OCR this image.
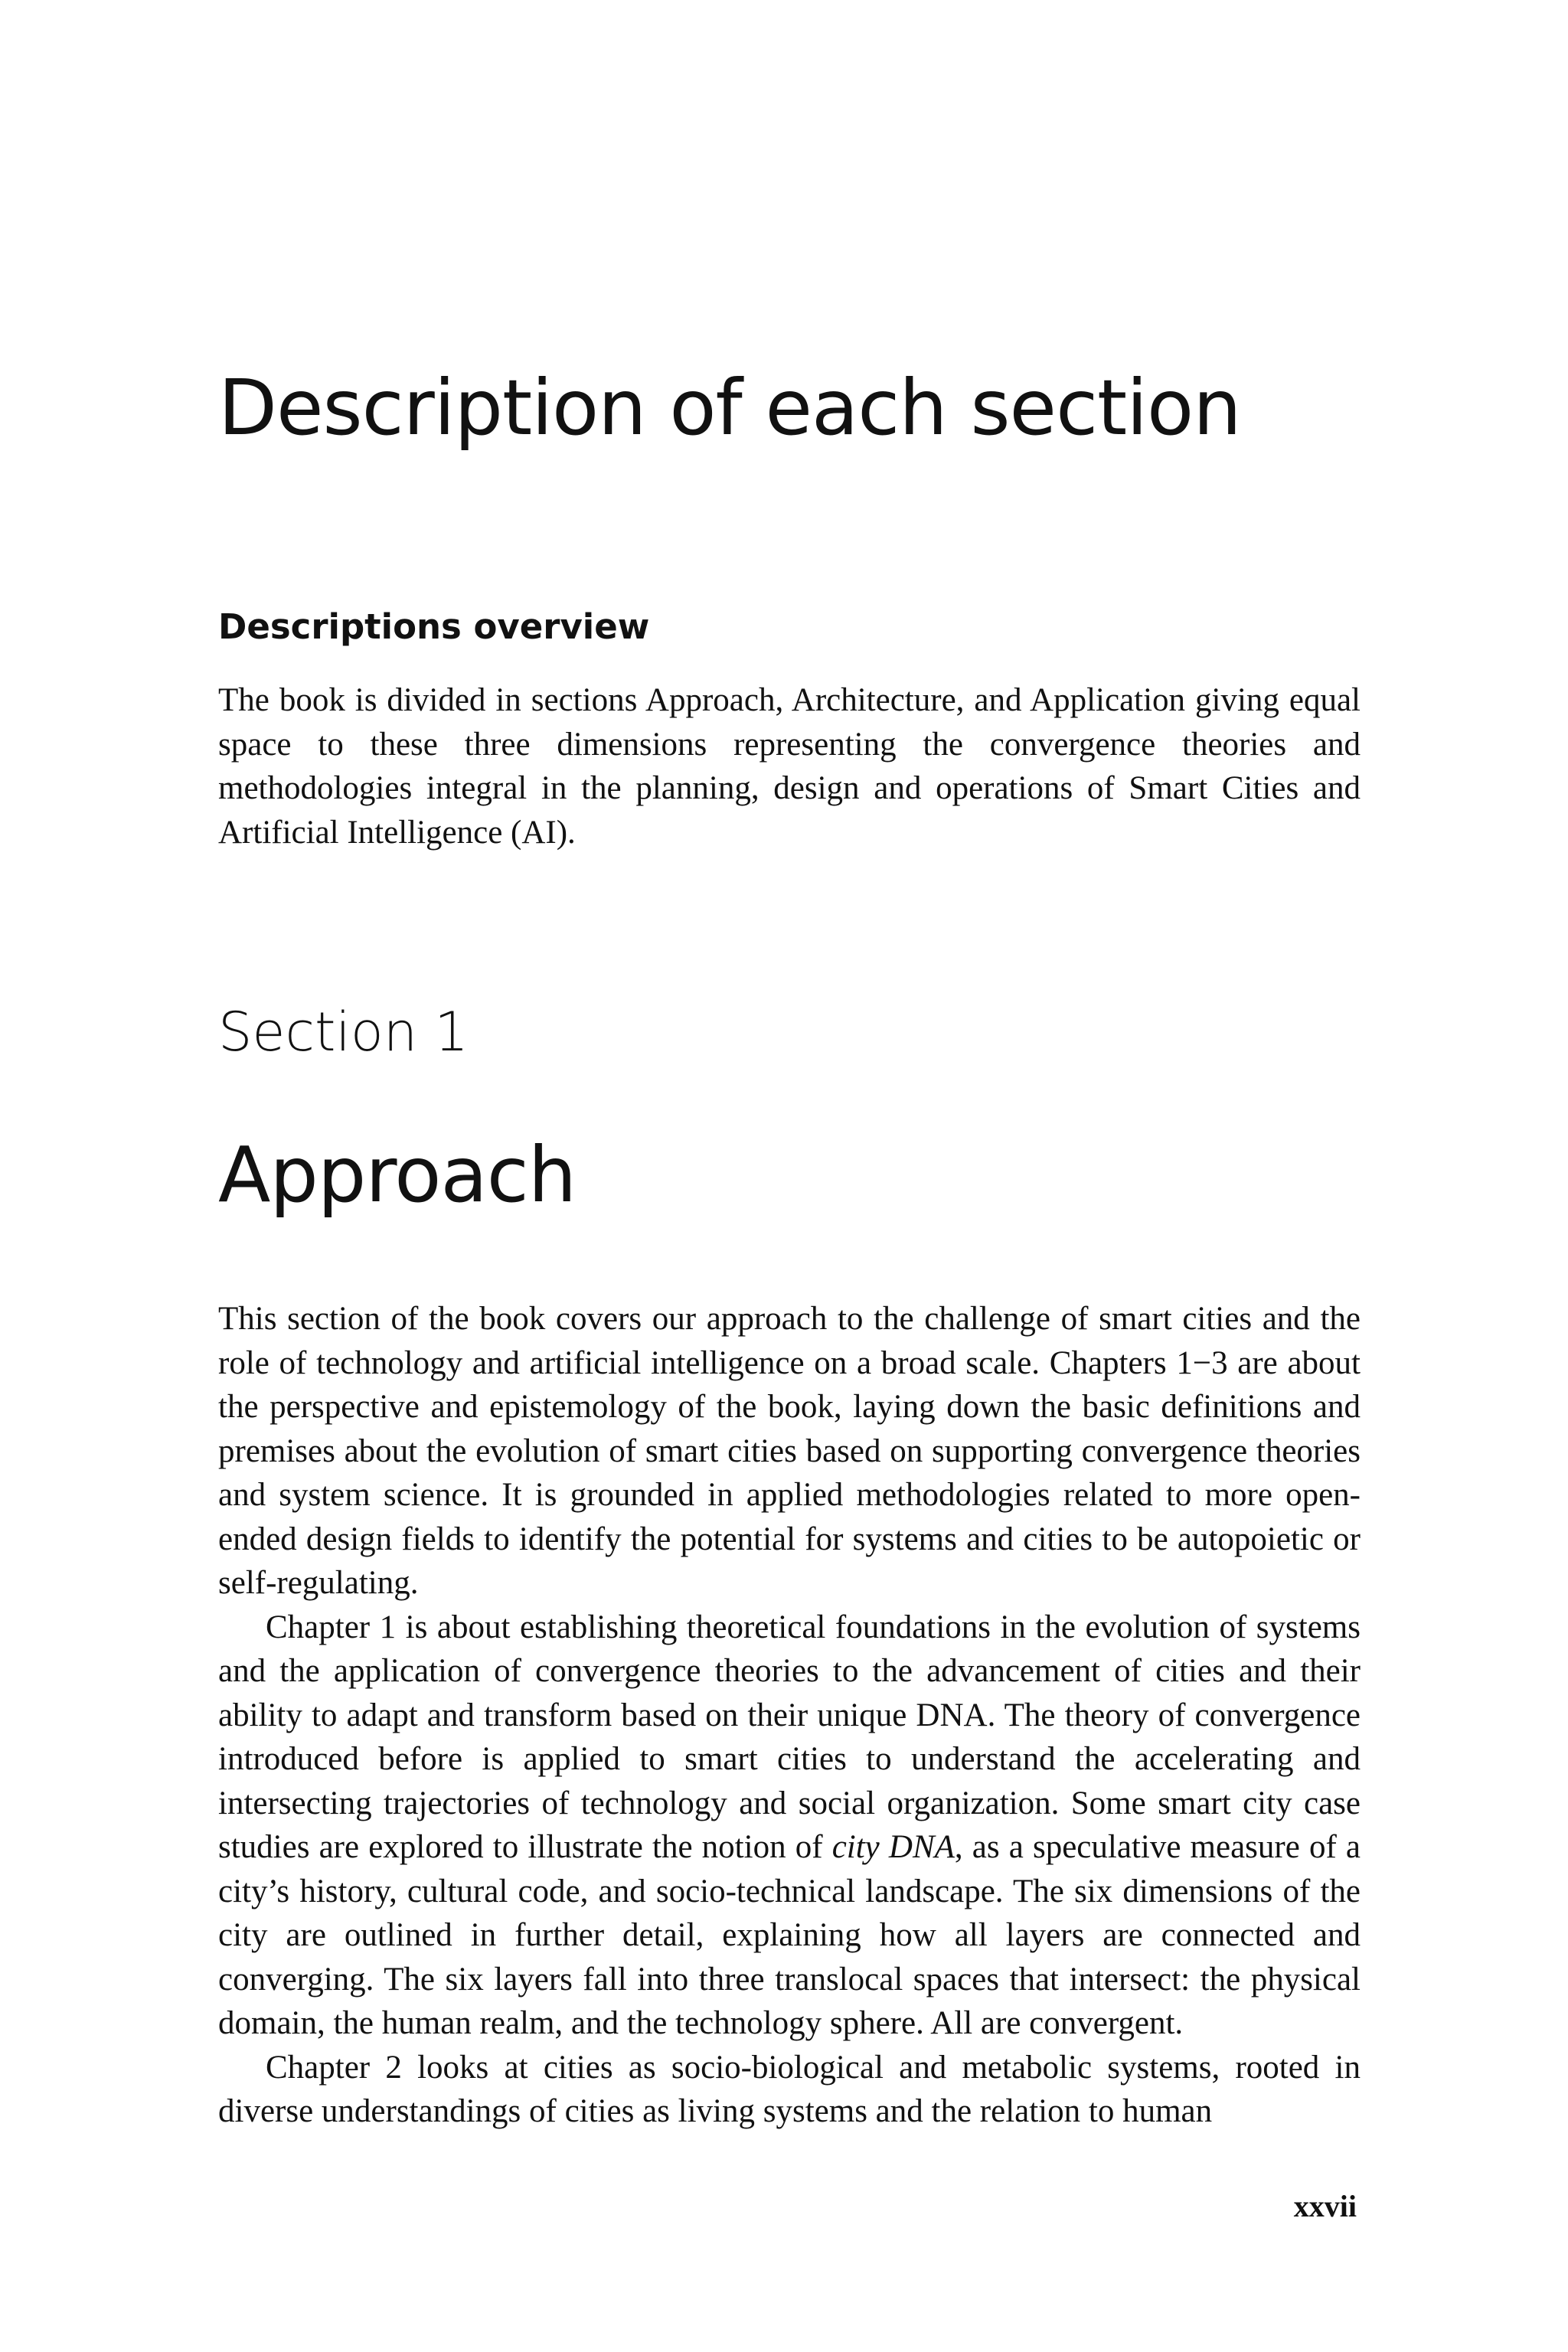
Description of each section
Descriptions overview

The book is divided in sections Approach, Architecture, and Application giving equal space to these three dimensions representing the convergence theories and methodologies integral in the planning, design and operations of Smart Cities and Artificial Intelligence (AI).

Section 1
Approach

This section of the book covers our approach to the challenge of smart cities and the role of technology and artificial intelligence on a broad scale. Chapters 1−3 are about the perspective and epistemology of the book, laying down the basic definitions and premises about the evolution of smart cities based on supporting convergence theories and system science. It is grounded in applied methodologies related to more open-ended design fields to identify the potential for systems and cities to be autopoietic or self-regulating.

Chapter 1 is about establishing theoretical foundations in the evolution of systems and the application of convergence theories to the advancement of cities and their ability to adapt and transform based on their unique DNA. The theory of convergence introduced before is applied to smart cities to understand the accelerating and intersecting trajectories of technology and social organization. Some smart city case studies are explored to illustrate the notion of city DNA, as a speculative measure of a city’s history, cultural code, and socio-technical landscape. The six dimensions of the city are outlined in further detail, explaining how all layers are connected and converging. The six layers fall into three translocal spaces that intersect: the physical domain, the human realm, and the technology sphere. All are convergent.

Chapter 2 looks at cities as socio-biological and metabolic systems, rooted in diverse understandings of cities as living systems and the relation to human

xxvii
